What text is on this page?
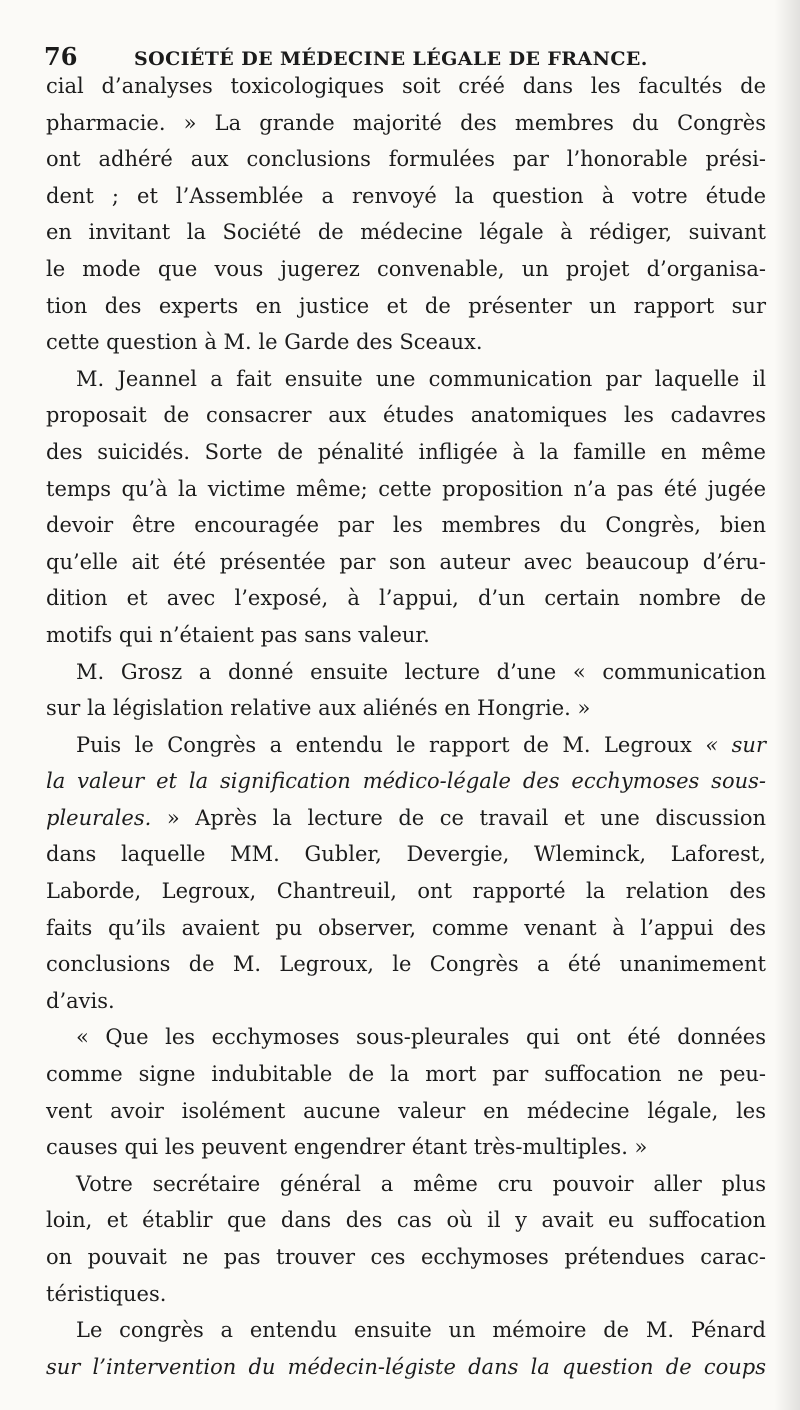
76	SOCIÉTÉ DE MÉDECINE LÉGALE DE FRANCE.
cial d’analyses toxicologiques soit créé dans les facultés de
pharmacie. » La grande majorité des membres du Congrès
ont adhéré aux conclusions formulées par l’honorable prési-
dent ; et l’Assemblée a renvoyé la question à votre étude
en invitant la Société de médecine légale à rédiger, suivant
le mode que vous jugerez convenable, un projet d’organisa-
tion des experts en justice et de présenter un rapport sur
cette question à M. le Garde des Sceaux.
M. Jeannel a fait ensuite une communication par laquelle il
proposait de consacrer aux études anatomiques les cadavres
des suicidés. Sorte de pénalité infligée à la famille en même
temps qu’à la victime même; cette proposition n’a pas été jugée
devoir être encouragée par les membres du Congrès, bien
qu’elle ait été présentée par son auteur avec beaucoup d’éru-
dition et avec l’exposé, à l’appui, d’un certain nombre de
motifs qui n’étaient pas sans valeur.
M. Grosz a donné ensuite lecture d’une « communication
sur la législation relative aux aliénés en Hongrie. »
Puis le Congrès a entendu le rapport de M. Legroux « sur
la valeur et la signification médico-légale des ecchymoses sous-
pleurales. » Après la lecture de ce travail et une discussion
dans laquelle MM. Gubler, Devergie, Wleminck, Laforest,
Laborde, Legroux, Chantreuil, ont rapporté la relation des
faits qu’ils avaient pu observer, comme venant à l’appui des
conclusions de M. Legroux, le Congrès a été unanimement
d’avis.
« Que les ecchymoses sous-pleurales qui ont été données
comme signe indubitable de la mort par suffocation ne peu-
vent avoir isolément aucune valeur en médecine légale, les
causes qui les peuvent engendrer étant très-multiples. »
Votre secrétaire général a même cru pouvoir aller plus
loin, et établir que dans des cas où il y avait eu suffocation
on pouvait ne pas trouver ces ecchymoses prétendues carac-
téristiques.
Le congrès a entendu ensuite un mémoire de M. Pénard
sur l’intervention du médecin-légiste dans la question de coups
